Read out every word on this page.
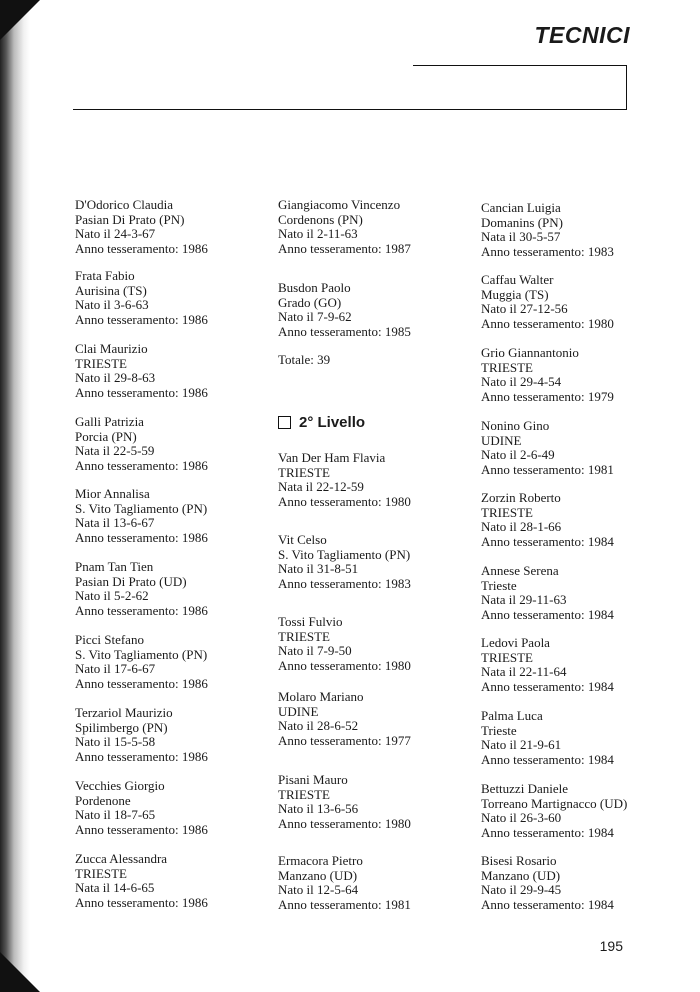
TECNICI

D'Odorico Claudia

Pasian Di Prato (PN)

Nato il 24-3-67

Anno tesseramento: 1986

Frata Fabio

Aurisina (TS)

Nato il 3-6-63

Anno tesseramento: 1986

Clai Maurizio

TRIESTE

Nato il 29-8-63

Anno tesseramento: 1986

Galli Patrizia

Porcia (PN)

Nata il 22-5-59

Anno tesseramento: 1986

Mior Annalisa

S. Vito Tagliamento (PN)

Nata il 13-6-67

Anno tesseramento: 1986

Pnam Tan Tien

Pasian Di Prato (UD)

Nato il 5-2-62

Anno tesseramento: 1986

Picci Stefano

S. Vito Tagliamento (PN)

Nato il 17-6-67

Anno tesseramento: 1986

Terzariol Maurizio

Spilimbergo (PN)

Nato il 15-5-58

Anno tesseramento: 1986

Vecchies Giorgio

Pordenone

Nato il 18-7-65

Anno tesseramento: 1986

Zucca Alessandra

TRIESTE

Nata il 14-6-65

Anno tesseramento: 1986

Giangiacomo Vincenzo

Cordenons (PN)

Nato il 2-11-63

Anno tesseramento: 1987

Busdon Paolo

Grado (GO)

Nato il 7-9-62

Anno tesseramento: 1985

Totale: 39

2° Livello

Van Der Ham Flavia

TRIESTE

Nata il 22-12-59

Anno tesseramento: 1980

Vit Celso

S. Vito Tagliamento (PN)

Nato il 31-8-51

Anno tesseramento: 1983

Tossi Fulvio

TRIESTE

Nato il 7-9-50

Anno tesseramento: 1980

Molaro Mariano

UDINE

Nato il 28-6-52

Anno tesseramento: 1977

Pisani Mauro

TRIESTE

Nato il 13-6-56

Anno tesseramento: 1980

Ermacora Pietro

Manzano (UD)

Nato il 12-5-64

Anno tesseramento: 1981

Cancian Luigia

Domanins (PN)

Nata il 30-5-57

Anno tesseramento: 1983

Caffau Walter

Muggia (TS)

Nato il 27-12-56

Anno tesseramento: 1980

Grio Giannantonio

TRIESTE

Nato il 29-4-54

Anno tesseramento: 1979

Nonino Gino

UDINE

Nato il 2-6-49

Anno tesseramento: 1981

Zorzin Roberto

TRIESTE

Nato il 28-1-66

Anno tesseramento: 1984

Annese Serena

Trieste

Nata il 29-11-63

Anno tesseramento: 1984

Ledovi Paola

TRIESTE

Nata il 22-11-64

Anno tesseramento: 1984

Palma Luca

Trieste

Nato il 21-9-61

Anno tesseramento: 1984

Bettuzzi Daniele

Torreano Martignacco (UD)

Nato il 26-3-60

Anno tesseramento: 1984

Bisesi Rosario

Manzano (UD)

Nato il 29-9-45

Anno tesseramento: 1984

195
